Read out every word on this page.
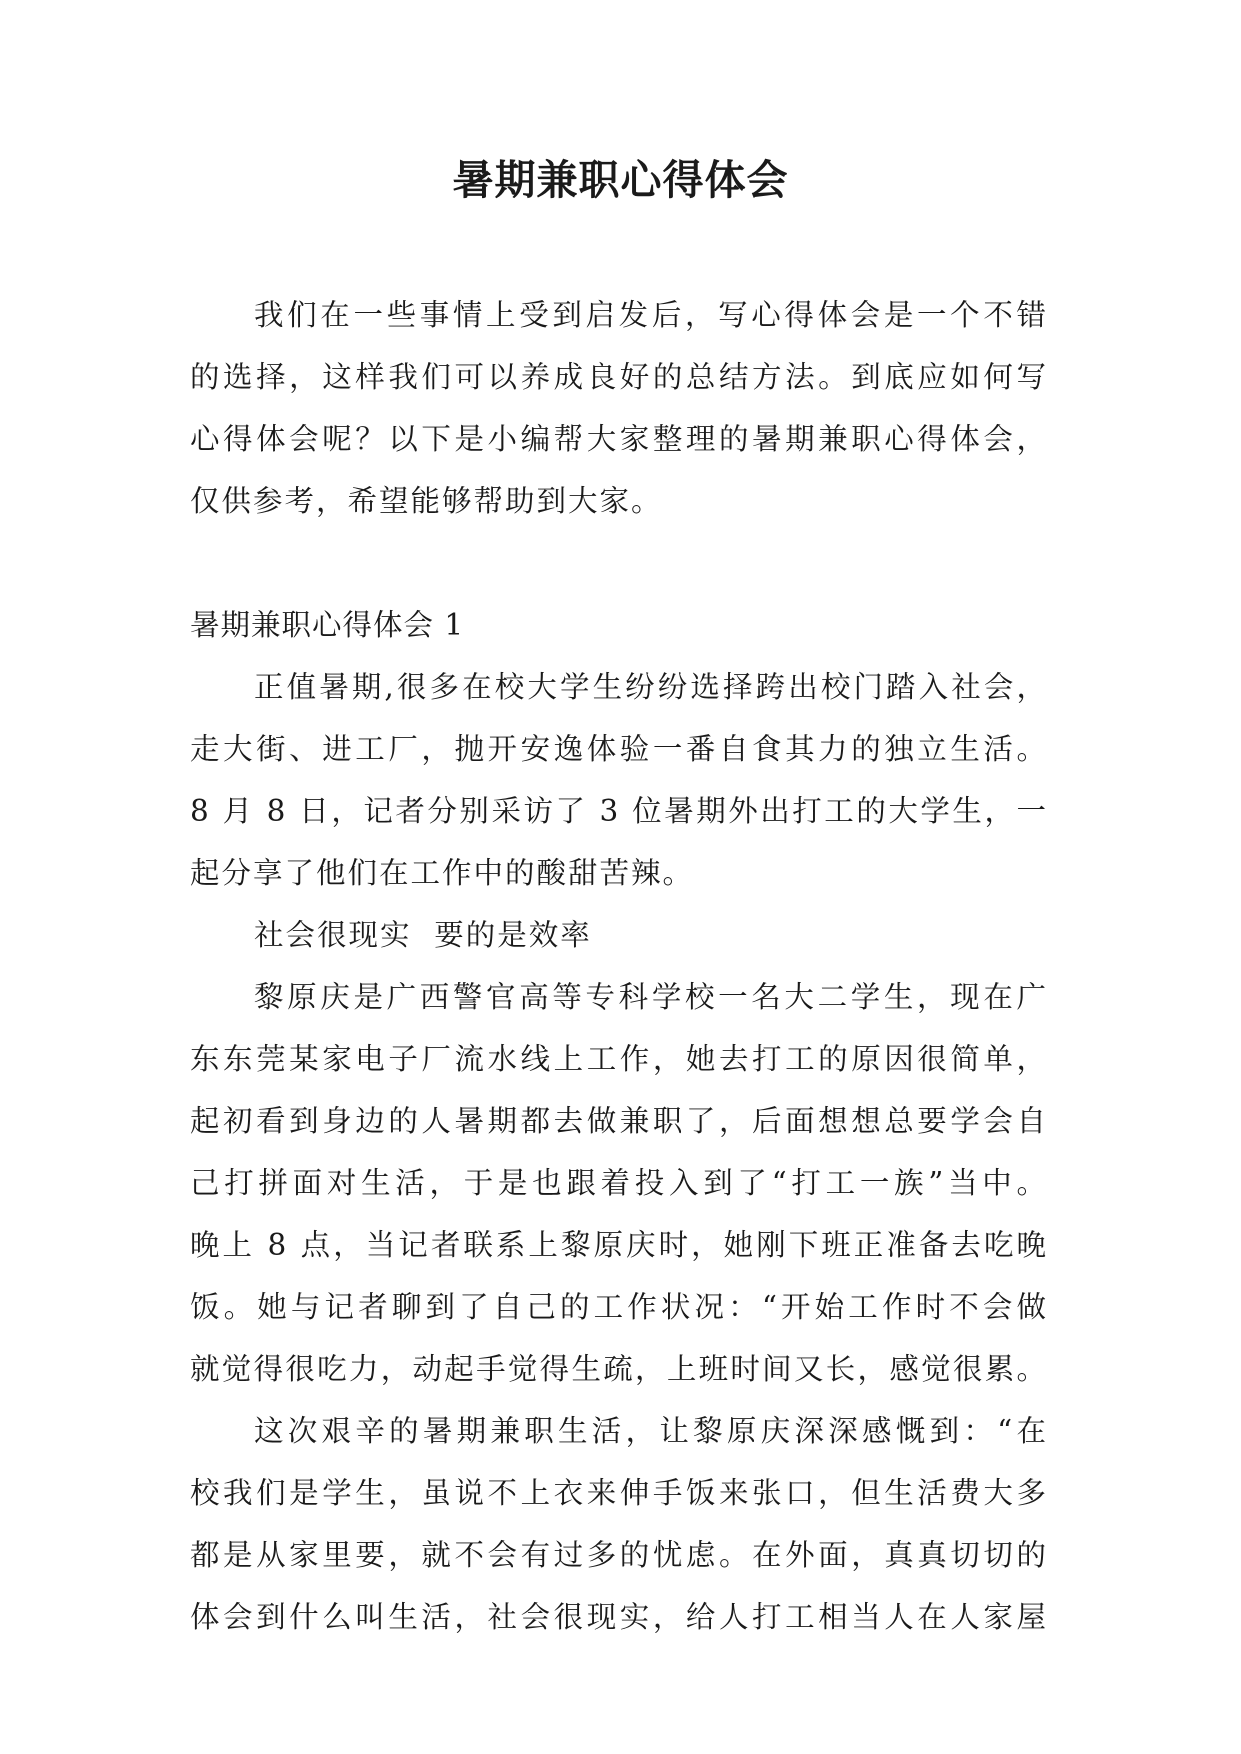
暑期兼职心得体会
我们在一些事情上受到启发后，写心得体会是一个不错
的选择，这样我们可以养成良好的总结方法。到底应如何写
心得体会呢？以下是小编帮大家整理的暑期兼职心得体会，
仅供参考，希望能够帮助到大家。
暑期兼职心得体会 1
正值暑期,很多在校大学生纷纷选择跨出校门踏入社会，
走大街、进工厂，抛开安逸体验一番自食其力的独立生活。
8 月 8 日，记者分别采访了 3 位暑期外出打工的大学生，一
起分享了他们在工作中的酸甜苦辣。
社会很现实  要的是效率
黎原庆是广西警官高等专科学校一名大二学生，现在广
东东莞某家电子厂流水线上工作，她去打工的原因很简单，
起初看到身边的人暑期都去做兼职了，后面想想总要学会自
己打拼面对生活，于是也跟着投入到了“打工一族”当中。
晚上 8 点，当记者联系上黎原庆时，她刚下班正准备去吃晚
饭。她与记者聊到了自己的工作状况：“开始工作时不会做
就觉得很吃力，动起手觉得生疏，上班时间又长，感觉很累。
这次艰辛的暑期兼职生活，让黎原庆深深感慨到：“在
校我们是学生，虽说不上衣来伸手饭来张口，但生活费大多
都是从家里要，就不会有过多的忧虑。在外面，真真切切的
体会到什么叫生活，社会很现实，给人打工相当人在人家屋
